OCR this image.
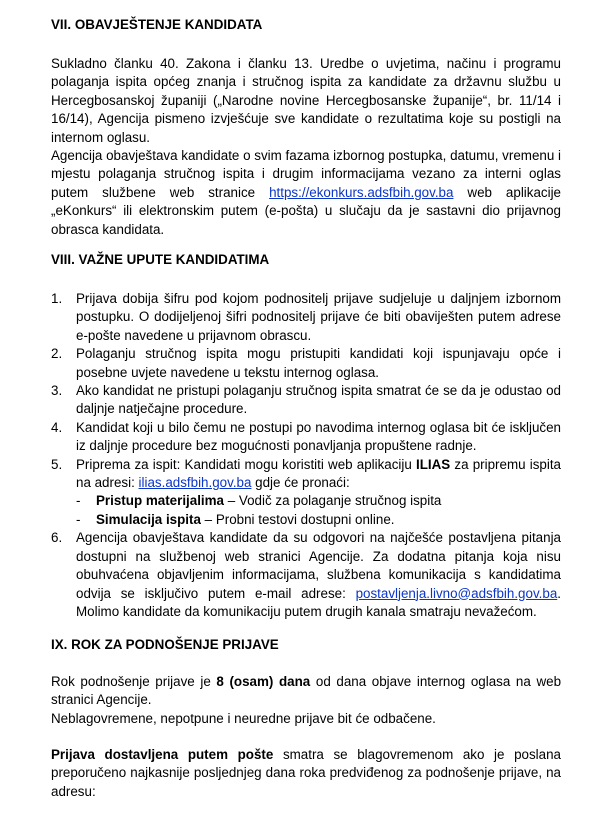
VII. OBAVJEŠTENJE KANDIDATA

Sukladno članku 40. Zakona i članku 13. Uredbe o uvjetima, načinu i programu polaganja ispita općeg znanja i stručnog ispita za kandidate za državnu službu u Hercegbosanskoj županiji („Narodne novine Hercegbosanske županije“, br. 11/14 i 16/14), Agencija pismeno izvješćuje sve kandidate o rezultatima koje su postigli na internom oglasu.

Agencija obavještava kandidate o svim fazama izbornog postupka, datumu, vremenu i mjestu polaganja stručnog ispita i drugim informacijama vezano za interni oglas putem službene web stranice https://ekonkurs.adsfbih.gov.ba web aplikacije „eKonkurs“ ili elektronskim putem (e-pošta) u slučaju da je sastavni dio prijavnog obrasca kandidata.

VIII. VAŽNE UPUTE KANDIDATIMA
1. Prijava dobija šifru pod kojom podnositelj prijave sudjeluje u daljnjem izbornom postupku. O dodijeljenoj šifri podnositelj prijave će biti obaviješten putem adrese e-pošte navedene u prijavnom obrascu.
2. Polaganju stručnog ispita mogu pristupiti kandidati koji ispunjavaju opće i posebne uvjete navedene u tekstu internog oglasa.
3. Ako kandidat ne pristupi polaganju stručnog ispita smatrat će se da je odustao od daljnje natječajne procedure.
4. Kandidat koji u bilo čemu ne postupi po navodima internog oglasa bit će isključen iz daljnje procedure bez mogućnosti ponavljanja propuštene radnje.
5. Priprema za ispit: Kandidati mogu koristiti web aplikaciju ILIAS za pripremu ispita na adresi: ilias.adsfbih.gov.ba gdje će pronaći:
- Pristup materijalima – Vodič za polaganje stručnog ispita
- Simulacija ispita – Probni testovi dostupni online.
6. Agencija obavještava kandidate da su odgovori na najčešće postavljena pitanja dostupni na službenoj web stranici Agencije. Za dodatna pitanja koja nisu obuhvaćena objavljenim informacijama, službena komunikacija s kandidatima odvija se isključivo putem e-mail adrese: postavljenja.livno@adsfbih.gov.ba. Molimo kandidate da komunikaciju putem drugih kanala smatraju nevažećom.
IX. ROK ZA PODNOŠENJE PRIJAVE

Rok podnošenje prijave je 8 (osam) dana od dana objave internog oglasa na web stranici Agencije.

Neblagovremene, nepotpune i neuredne prijave bit će odbačene.

Prijava dostavljena putem pošte smatra se blagovremenom ako je poslana preporučeno najkasnije posljednjeg dana roka predviđenog za podnošenje prijave, na adresu:
